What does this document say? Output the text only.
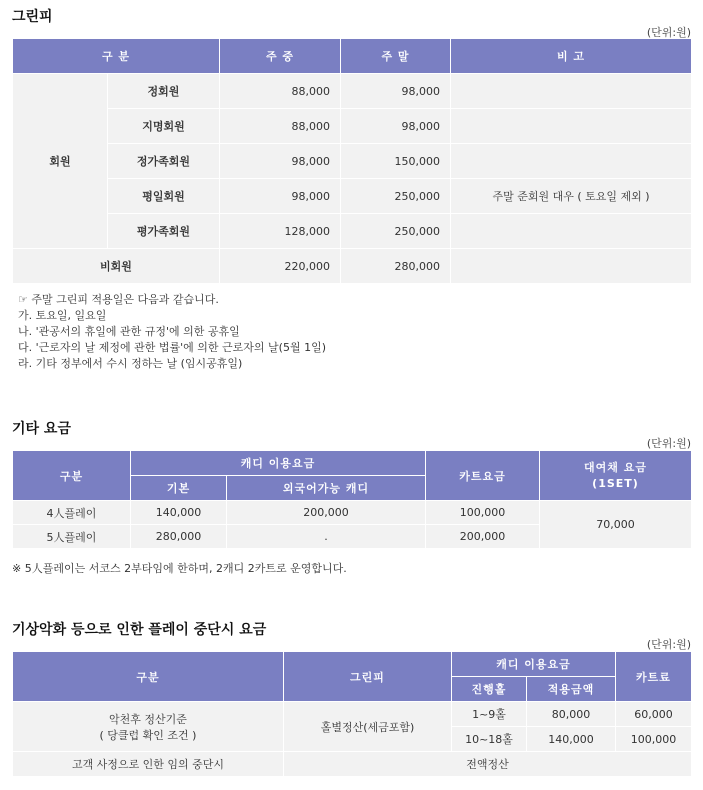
그린피
(단위:원)
구 분		주 중	주 말	비 고
회원	정회원	88,000	98,000	
	지명회원	88,000	98,000	
	정가족회원	98,000	150,000	
	평일회원	98,000	250,000	주말 준회원 대우 ( 토요일 제외 )
	평가족회원	128,000	250,000	
비회원		220,000	280,000	
☞ 주말 그린피 적용일은 다음과 같습니다.
가. 토요일, 일요일
나. '관공서의 휴일에 관한 규정'에 의한 공휴일
다. '근로자의 날 제정에 관한 법률'에 의한 근로자의 날(5월 1일)
라. 기타 정부에서 수시 정하는 날 (임시공휴일)
기타 요금
(단위:원)
구분	캐디 이용요금		카트요금	대여채 요금
(1SET)
	기본	외국어가능 캐디		
4人플레이	140,000	200,000	100,000	70,000
5人플레이	280,000	.	200,000	
※ 5人플레이는 서코스 2부타임에 한하며, 2캐디 2카트로 운영합니다.
기상악화 등으로 인한 플레이 중단시 요금
(단위:원)
구분	그린피	캐디 이용요금		카트료
		진행홀	적용금액	

악천후 정산기준
( 당클럽 확인 조건 )	홀별정산(세금포함)	1~9홀	80,000	60,000
		10~18홀	140,000	100,000
고객 사정으로 인한 임의 중단시	전액정산			
